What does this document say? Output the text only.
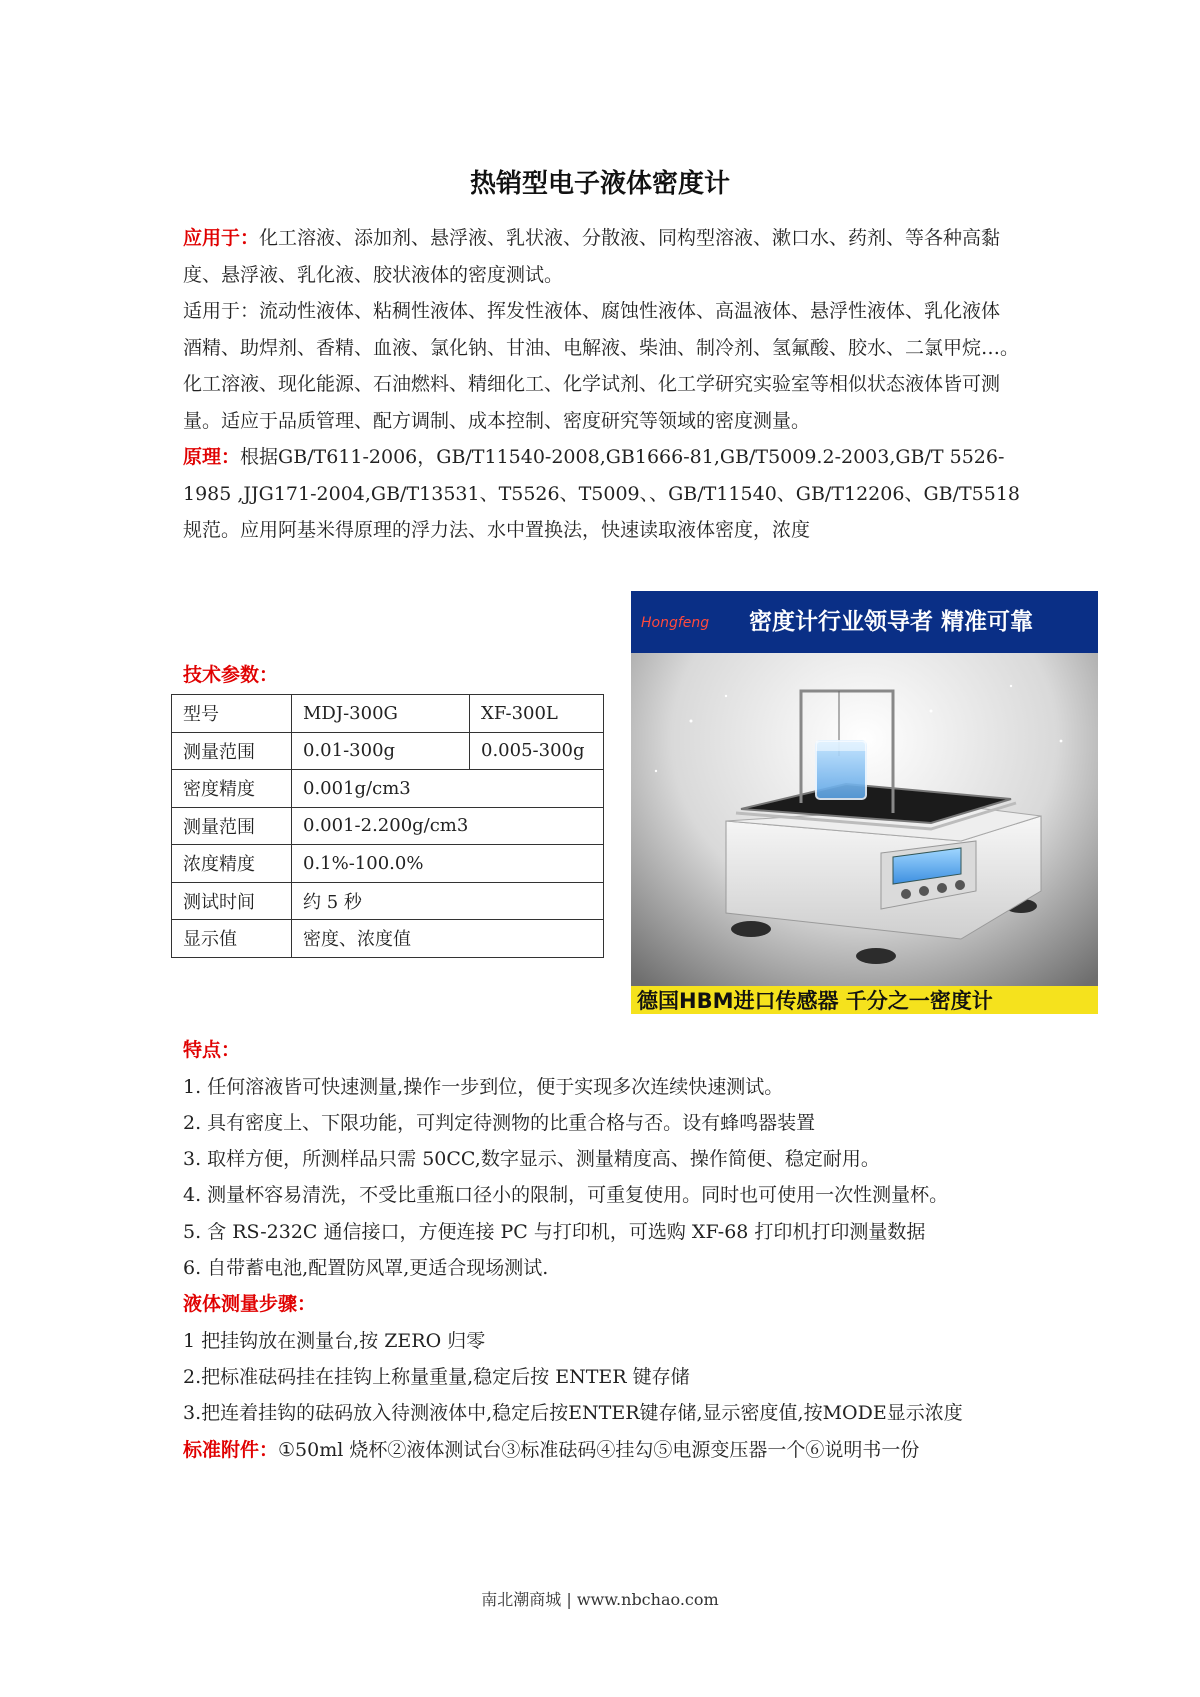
热销型电子液体密度计

应用于：化工溶液、添加剂、悬浮液、乳状液、分散液、同构型溶液、漱口水、药剂、等各种高黏度、悬浮液、乳化液、胶状液体的密度测试。

适用于：流动性液体、粘稠性液体、挥发性液体、腐蚀性液体、高温液体、悬浮性液体、乳化液体 酒精、助焊剂、香精、血液、氯化钠、甘油、电解液、柴油、制冷剂、氢氟酸、胶水、二氯甲烷…。化工溶液、现化能源、石油燃料、精细化工、化学试剂、化工学研究实验室等相似状态液体皆可测量。适应于品质管理、配方调制、成本控制、密度研究等领域的密度测量。

原理：根据GB/T611-2006，GB/T11540-2008,GB1666-81,GB/T5009.2-2003,GB/T 5526-1985 ,JJG171-2004,GB/T13531、T5526、T5009、、GB/T11540、GB/T12206、GB/T5518 规范。应用阿基米得原理的浮力法、水中置换法，快速读取液体密度，浓度

技术参数：
型号	MDJ-300G	XF-300L
测量范围	0.01-300g	0.005-300g
密度精度	0.001g/cm3	
测量范围	0.001-2.200g/cm3	
浓度精度	0.1%-100.0%	
测试时间	约 5 秒	
显示值	密度、浓度值	
Hongfeng 密度计行业领导者 精准可靠
德国HBM进口传感器 千分之一密度计

特点：

1. 任何溶液皆可快速测量,操作一步到位，便于实现多次连续快速测试。

2. 具有密度上、下限功能，可判定待测物的比重合格与否。设有蜂鸣器装置

3. 取样方便，所测样品只需 50CC,数字显示、测量精度高、操作简便、稳定耐用。

4. 测量杯容易清洗，不受比重瓶口径小的限制，可重复使用。同时也可使用一次性测量杯。

5. 含 RS-232C 通信接口，方便连接 PC 与打印机，可选购 XF-68 打印机打印测量数据

6. 自带蓄电池,配置防风罩,更适合现场测试.

液体测量步骤：

1 把挂钩放在测量台,按 ZERO 归零

2.把标准砝码挂在挂钩上称量重量,稳定后按 ENTER 键存储

3.把连着挂钩的砝码放入待测液体中,稳定后按ENTER键存储,显示密度值,按MODE显示浓度

标准附件：①50ml 烧杯②液体测试台③标准砝码④挂勾⑤电源变压器一个⑥说明书一份

南北潮商城 | www.nbchao.com
